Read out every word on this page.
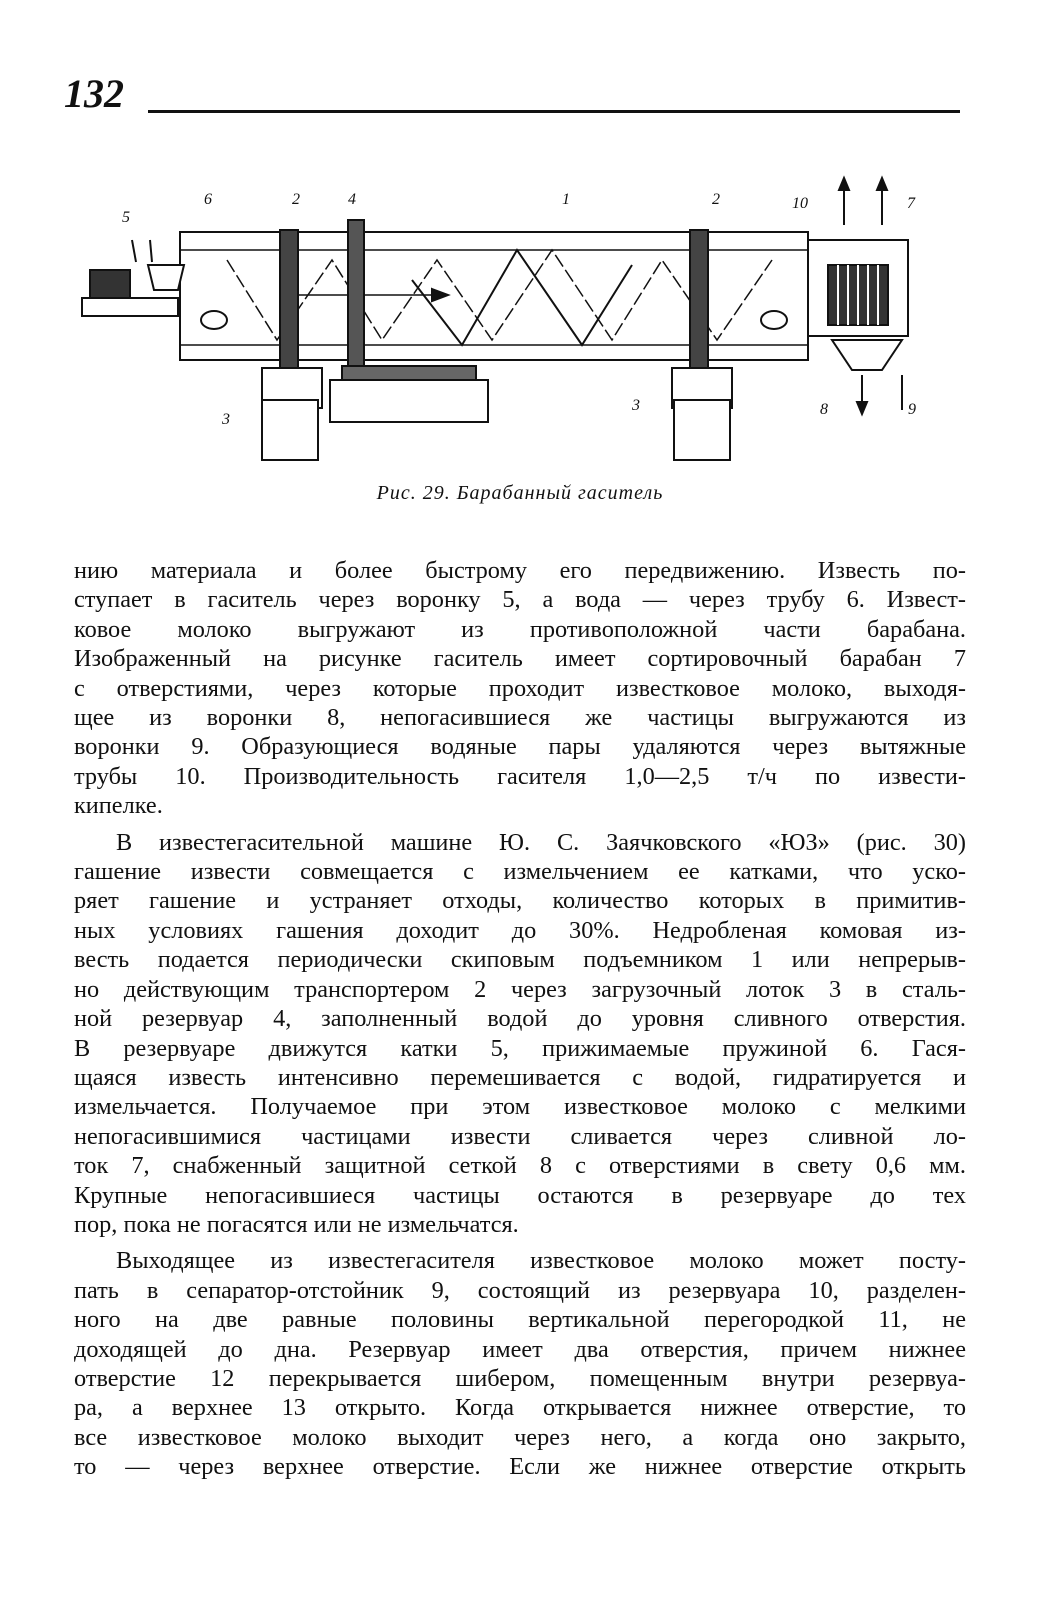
132
5
6	2	4	1	2	10	7
3
3	8	9
Рис. 29. Барабанный гаситель

нию материала и более быстрому его передвижению. Известь по-

ступает в гаситель через воронку 5, а вода — через трубу 6. Извест-

ковое молоко выгружают из противоположной части барабана.

Изображенный на рисунке гаситель имеет сортировочный барабан 7

с отверстиями, через которые проходит известковое молоко, выходя-

щее из воронки 8, непогасившиеся же частицы выгружаются из

воронки 9. Образующиеся водяные пары удаляются через вытяжные

трубы 10. Производительность гасителя 1,0—2,5 т/ч по извести-

кипелке.

В известегасительной машине Ю. С. Заячковского «ЮЗ» (рис. 30)

гашение извести совмещается с измельчением ее катками, что уско-

ряет гашение и устраняет отходы, количество которых в примитив-

ных условиях гашения доходит до 30%. Недробленая комовая из-

весть подается периодически скиповым подъемником 1 или непрерыв-

но действующим транспортером 2 через загрузочный лоток 3 в сталь-

ной резервуар 4, заполненный водой до уровня сливного отверстия.

В резервуаре движутся катки 5, прижимаемые пружиной 6. Гася-

щаяся известь интенсивно перемешивается с водой, гидратируется и

измельчается. Получаемое при этом известковое молоко с мелкими

непогасившимися частицами извести сливается через сливной ло-

ток 7, снабженный защитной сеткой 8 с отверстиями в свету 0,6 мм.

Крупные непогасившиеся частицы остаются в резервуаре до тех

пор, пока не погасятся или не измельчатся.

Выходящее из известегасителя известковое молоко может посту-

пать в сепаратор-отстойник 9, состоящий из резервуара 10, разделен-

ного на две равные половины вертикальной перегородкой 11, не

доходящей до дна. Резервуар имеет два отверстия, причем нижнее

отверстие 12 перекрывается шибером, помещенным внутри резервуа-

ра, а верхнее 13 открыто. Когда открывается нижнее отверстие, то

все известковое молоко выходит через него, а когда оно закрыто,

то — через верхнее отверстие. Если же нижнее отверстие открыть
